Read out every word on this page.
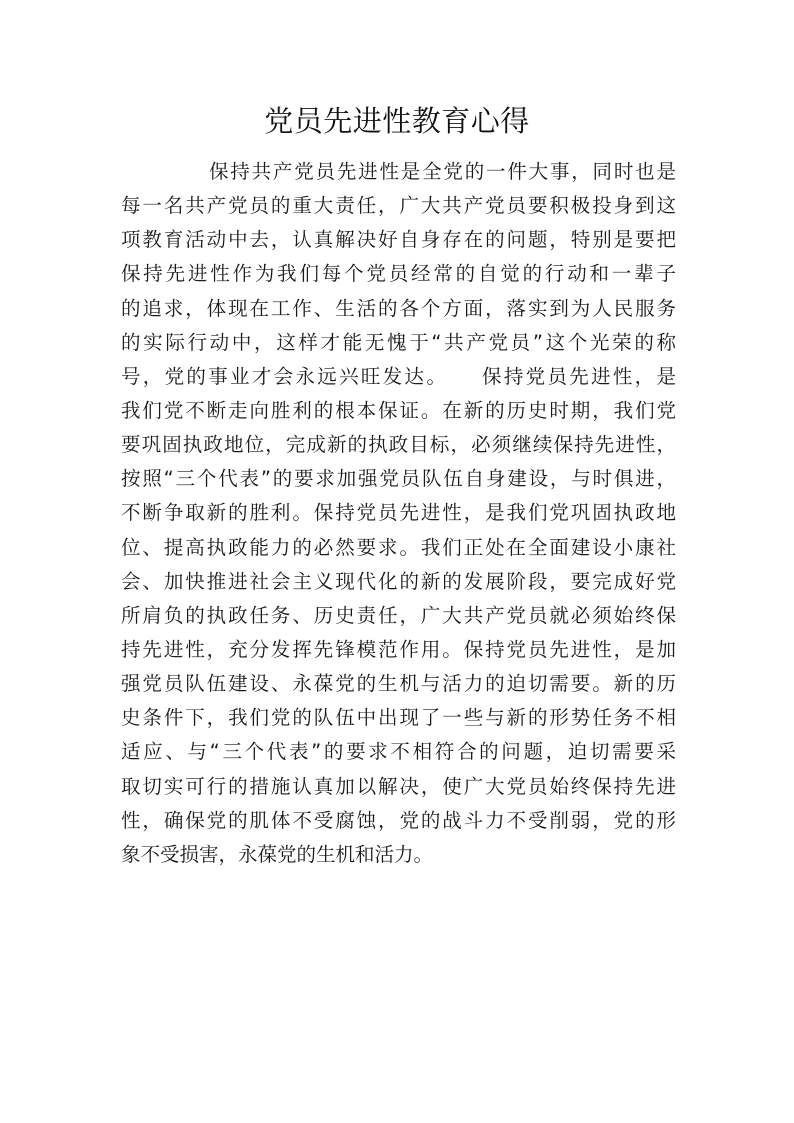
党员先进性教育心得
保持共产党员先进性是全党的一件大事，同时也是
每一名共产党员的重大责任，广大共产党员要积极投身到这
项教育活动中去，认真解决好自身存在的问题，特别是要把
保持先进性作为我们每个党员经常的自觉的行动和一辈子
的追求，体现在工作、生活的各个方面，落实到为人民服务
的实际行动中，这样才能无愧于“共产党员”这个光荣的称
号，党的事业才会永远兴旺发达。　　保持党员先进性，是
我们党不断走向胜利的根本保证。在新的历史时期，我们党
要巩固执政地位，完成新的执政目标，必须继续保持先进性，
按照“三个代表”的要求加强党员队伍自身建设，与时俱进，
不断争取新的胜利。保持党员先进性，是我们党巩固执政地
位、提高执政能力的必然要求。我们正处在全面建设小康社
会、加快推进社会主义现代化的新的发展阶段，要完成好党
所肩负的执政任务、历史责任，广大共产党员就必须始终保
持先进性，充分发挥先锋模范作用。保持党员先进性，是加
强党员队伍建设、永葆党的生机与活力的迫切需要。新的历
史条件下，我们党的队伍中出现了一些与新的形势任务不相
适应、与“三个代表”的要求不相符合的问题，迫切需要采
取切实可行的措施认真加以解决，使广大党员始终保持先进
性，确保党的肌体不受腐蚀，党的战斗力不受削弱，党的形
象不受损害，永葆党的生机和活力。
